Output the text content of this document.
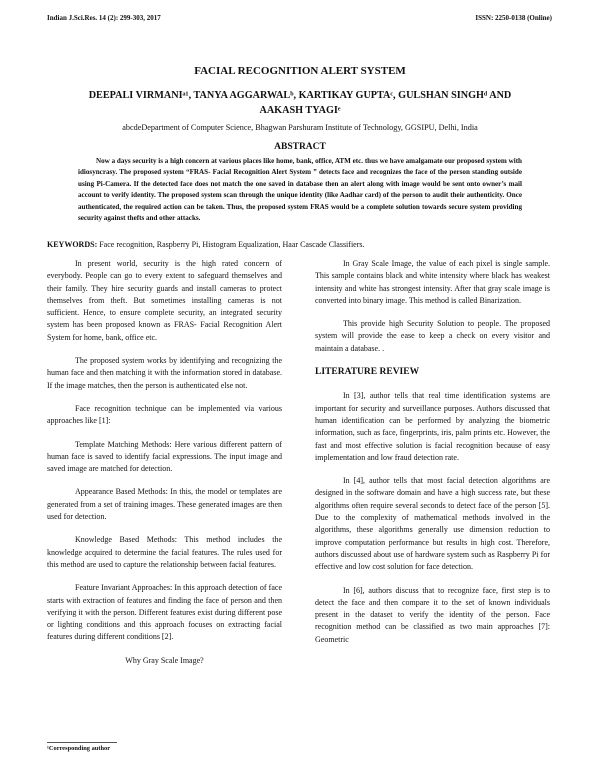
Indian J.Sci.Res. 14 (2): 299-303, 2017	ISSN: 2250-0138 (Online)
FACIAL RECOGNITION ALERT SYSTEM
DEEPALI VIRMANIᵃ¹, TANYA AGGARWALᵇ, KARTIKAY GUPTAᶜ, GULSHAN SINGHᵈ AND AAKASH TYAGIᵉ
abcdeDepartment of Computer Science, Bhagwan Parshuram Institute of Technology, GGSIPU, Delhi, India
ABSTRACT
Now a days security is a high concern at various places like home, bank, office, ATM etc. thus we have amalgamate our proposed system with idiosyncrasy. The proposed system “FRAS- Facial Recognition Alert System ” detects face and recognizes the face of the person standing outside using Pi-Camera. If the detected face does not match the one saved in database then an alert along with image would be sent onto owner’s mail account to verify identity. The proposed system scan through the unique identity (like Aadhar card) of the person to audit their authenticity. Once authenticated, the required action can be taken. Thus, the proposed system FRAS would be a complete solution towards secure system providing security against thefts and other attacks.
KEYWORDS: Face recognition, Raspberry Pi, Histogram Equalization, Haar Cascade Classifiers.

In present world, security is the high rated concern of everybody. People can go to every extent to safeguard themselves and their family. They hire security guards and install cameras to protect themselves from theft. But sometimes installing cameras is not sufficient. Hence, to ensure complete security, an integrated security system has been proposed known as FRAS- Facial Recognition Alert System for home, bank, office etc.

The proposed system works by identifying and recognizing the human face and then matching it with the information stored in database. If the image matches, then the person is authenticated else not.

Face recognition technique can be implemented via various approaches like [1]:

Template Matching Methods: Here various different pattern of human face is saved to identify facial expressions. The input image and saved image are matched for detection.

Appearance Based Methods: In this, the model or templates are generated from a set of training images. These generated images are then used for detection.

Knowledge Based Methods: This method includes the knowledge acquired to determine the facial features. The rules used for this method are used to capture the relationship between facial features.

Feature Invariant Approaches: In this approach detection of face starts with extraction of features and finding the face of person and then verifying it with the person. Different features exist during different pose or lighting conditions and this approach focuses on extracting facial features during different conditions [2].

Why Gray Scale Image?

In Gray Scale Image, the value of each pixel is single sample. This sample contains black and white intensity where black has weakest intensity and white has strongest intensity. After that gray scale image is converted into binary image. This method is called Binarization.

This provide high Security Solution to people. The proposed system will provide the ease to keep a check on every visitor and maintain a database. .

LITERATURE REVIEW

In [3], author tells that real time identification systems are important for security and surveillance purposes. Authors discussed that human identification can be performed by analyzing the biometric information, such as face, fingerprints, iris, palm prints etc. However, the fast and most effective solution is facial recognition because of easy implementation and low fraud detection rate.

In [4], author tells that most facial detection algorithms are designed in the software domain and have a high success rate, but these algorithms often require several seconds to detect face of the person [5]. Due to the complexity of mathematical methods involved in the algorithms, these algorithms generally use dimension reduction to improve computation performance but results in high cost. Therefore, authors discussed about use of hardware system such as Raspberry Pi for effective and low cost solution for face detection.

In [6], authors discuss that to recognize face, first step is to detect the face and then compare it to the set of known individuals present in the dataset to verify the identity of the person. Face recognition method can be classified as two main approaches [7]: Geometric

¹Corresponding author
